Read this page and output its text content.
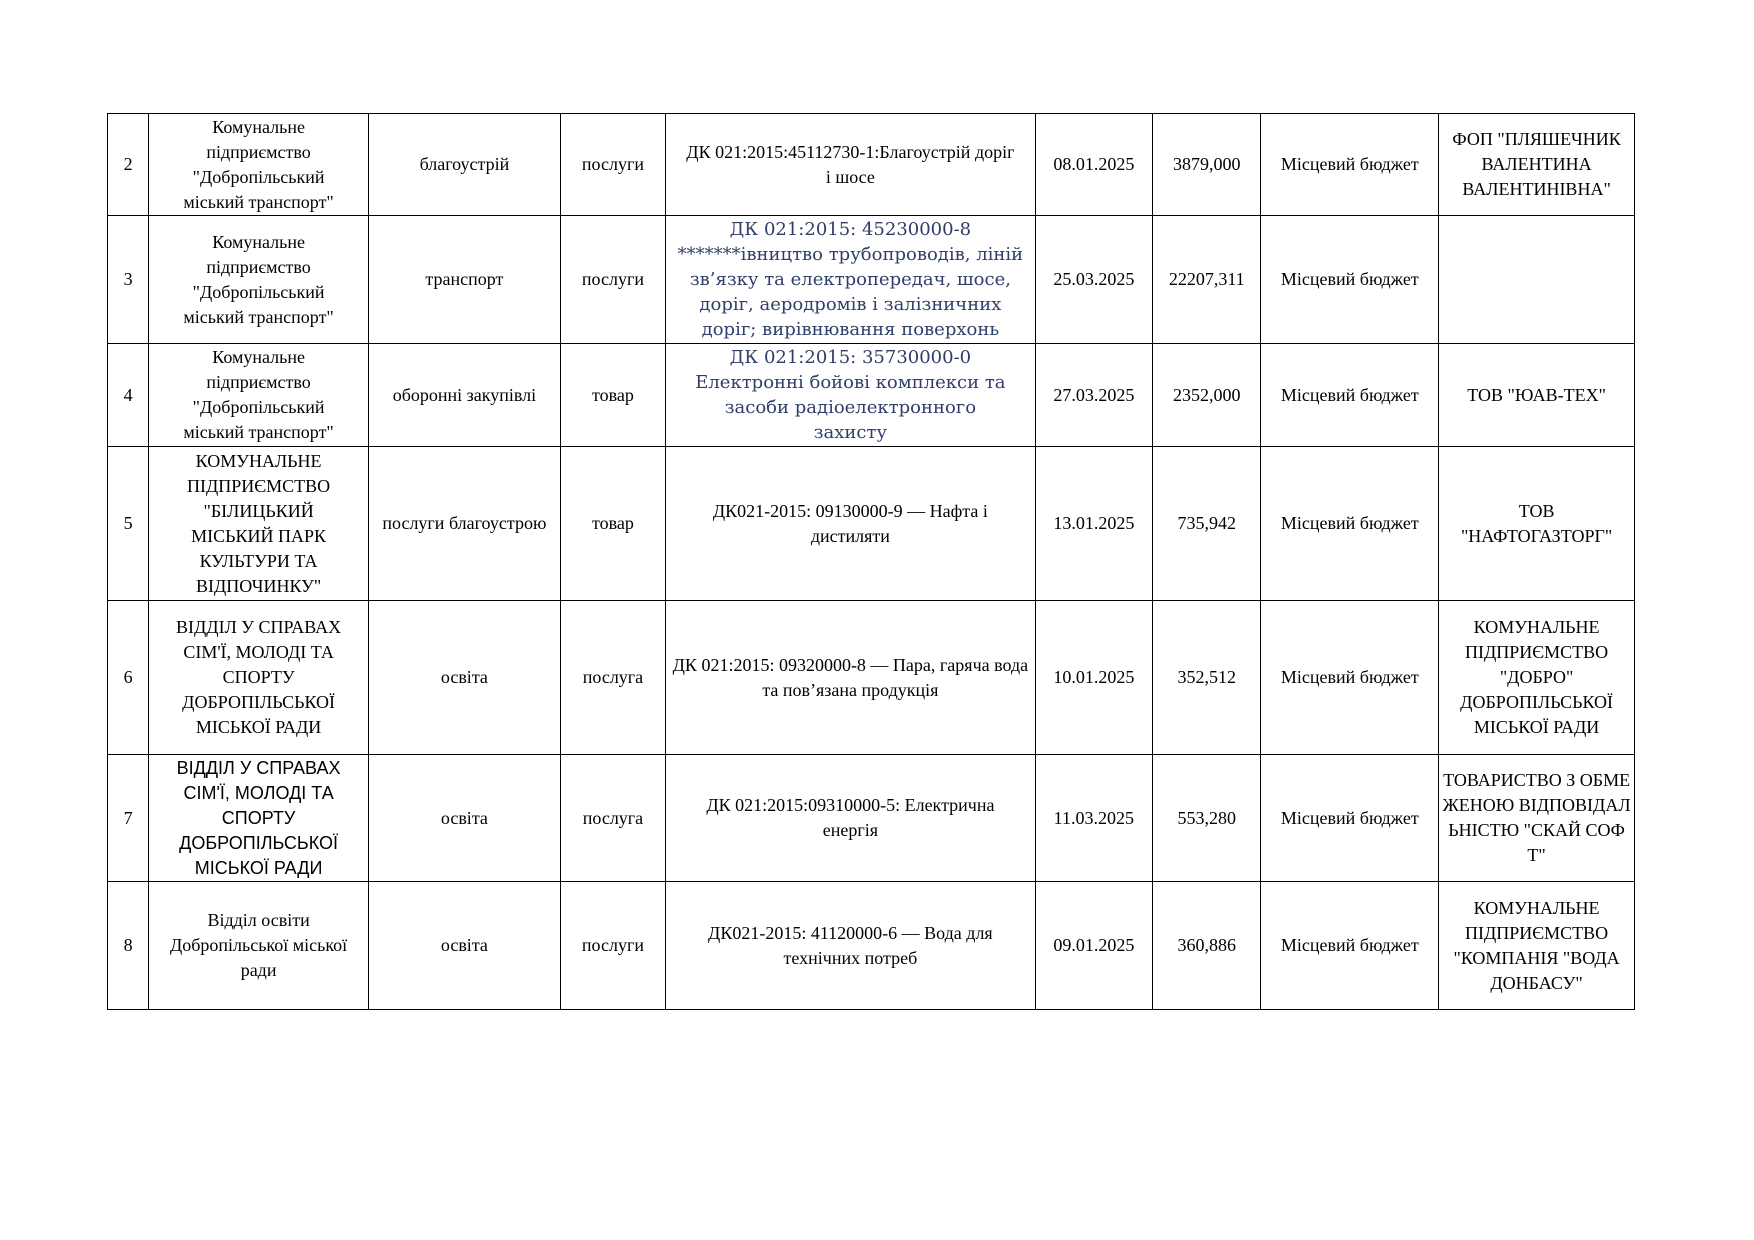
2	Комунальне підприємство "Добропільський міський транспорт"	благоустрій	послуги	ДК 021:2015:45112730-1:Благоустрій доріг і шосе	08.01.2025	3879,000	Місцевий бюджет	ФОП "ПЛЯШЕЧНИК ВАЛЕНТИНА ВАЛЕНТИНІВНА"
3	Комунальне підприємство "Добропільський міський транспорт"	транспорт	послуги	ДК 021:2015: 45230000-8 *******івництво трубопроводів, ліній зв’язку та електропередач, шосе, доріг, аеродромів і залізничних доріг; вирівнювання поверхонь	25.03.2025	22207,311	Місцевий бюджет	
4	Комунальне підприємство "Добропільський міський транспорт"	оборонні закупівлі	товар	ДК 021:2015: 35730000-0 Електронні бойові комплекси та засоби радіоелектронного захисту	27.03.2025	2352,000	Місцевий бюджет	ТОВ "ЮАВ-ТЕХ"
5	КОМУНАЛЬНЕ ПІДПРИЄМСТВО "БІЛИЦЬКИЙ МІСЬКИЙ ПАРК КУЛЬТУРИ ТА ВІДПОЧИНКУ"	послуги благоустрою	товар	ДК021-2015: 09130000-9 — Нафта і дистиляти	13.01.2025	735,942	Місцевий бюджет	ТОВ "НАФТОГАЗТОРГ"
6	ВІДДІЛ У СПРАВАХ СІМ'Ї, МОЛОДІ ТА СПОРТУ ДОБРОПІЛЬСЬКОЇ МІСЬКОЇ РАДИ	освіта	послуга	ДК 021:2015: 09320000-8 — Пара, гаряча вода та пов’язана продукція	10.01.2025	352,512	Місцевий бюджет	КОМУНАЛЬНЕ ПІДПРИЄМСТВО "ДОБРО" ДОБРОПІЛЬСЬКОЇ МІСЬКОЇ РАДИ
7	ВІДДІЛ У СПРАВАХ СІМ'Ї, МОЛОДІ ТА СПОРТУ ДОБРОПІЛЬСЬКОЇ МІСЬКОЇ РАДИ	освіта	послуга	ДК 021:2015:09310000-5: Електрична енергія	11.03.2025	553,280	Місцевий бюджет	ТОВАРИСТВО З ОБМЕЖЕНОЮ ВІДПОВІДАЛЬНІСТЮ "СКАЙ СОФТ"
8	Відділ освіти Добропільської міської ради	освіта	послуги	ДК021-2015: 41120000-6 — Вода для технічних потреб	09.01.2025	360,886	Місцевий бюджет	КОМУНАЛЬНЕ ПІДПРИЄМСТВО "КОМПАНІЯ "ВОДА ДОНБАСУ"
